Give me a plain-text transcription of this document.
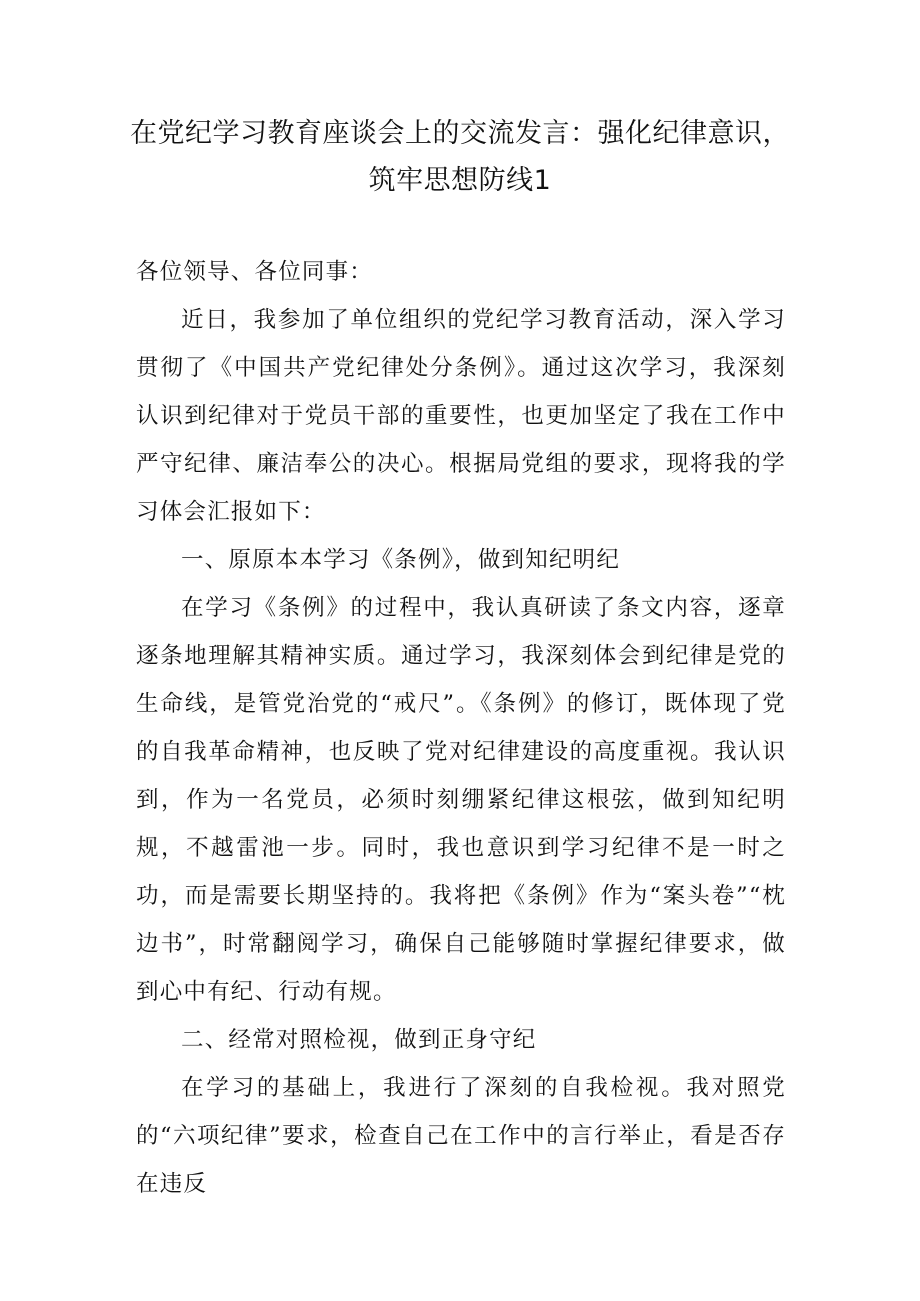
在党纪学习教育座谈会上的交流发言：强化纪律意识，
筑牢思想防线1
各位领导、各位同事：

近日，我参加了单位组织的党纪学习教育活动，深入学习贯彻了《中国共产党纪律处分条例》。通过这次学习，我深刻认识到纪律对于党员干部的重要性，也更加坚定了我在工作中严守纪律、廉洁奉公的决心。根据局党组的要求，现将我的学习体会汇报如下：

一、原原本本学习《条例》，做到知纪明纪

在学习《条例》的过程中，我认真研读了条文内容，逐章逐条地理解其精神实质。通过学习，我深刻体会到纪律是党的生命线，是管党治党的“戒尺”。《条例》的修订，既体现了党的自我革命精神，也反映了党对纪律建设的高度重视。我认识到，作为一名党员，必须时刻绷紧纪律这根弦，做到知纪明规，不越雷池一步。同时，我也意识到学习纪律不是一时之功，而是需要长期坚持的。我将把《条例》作为“案头卷”“枕边书”，时常翻阅学习，确保自己能够随时掌握纪律要求，做到心中有纪、行动有规。

二、经常对照检视，做到正身守纪

在学习的基础上，我进行了深刻的自我检视。我对照党的“六项纪律”要求，检查自己在工作中的言行举止，看是否存在违反
